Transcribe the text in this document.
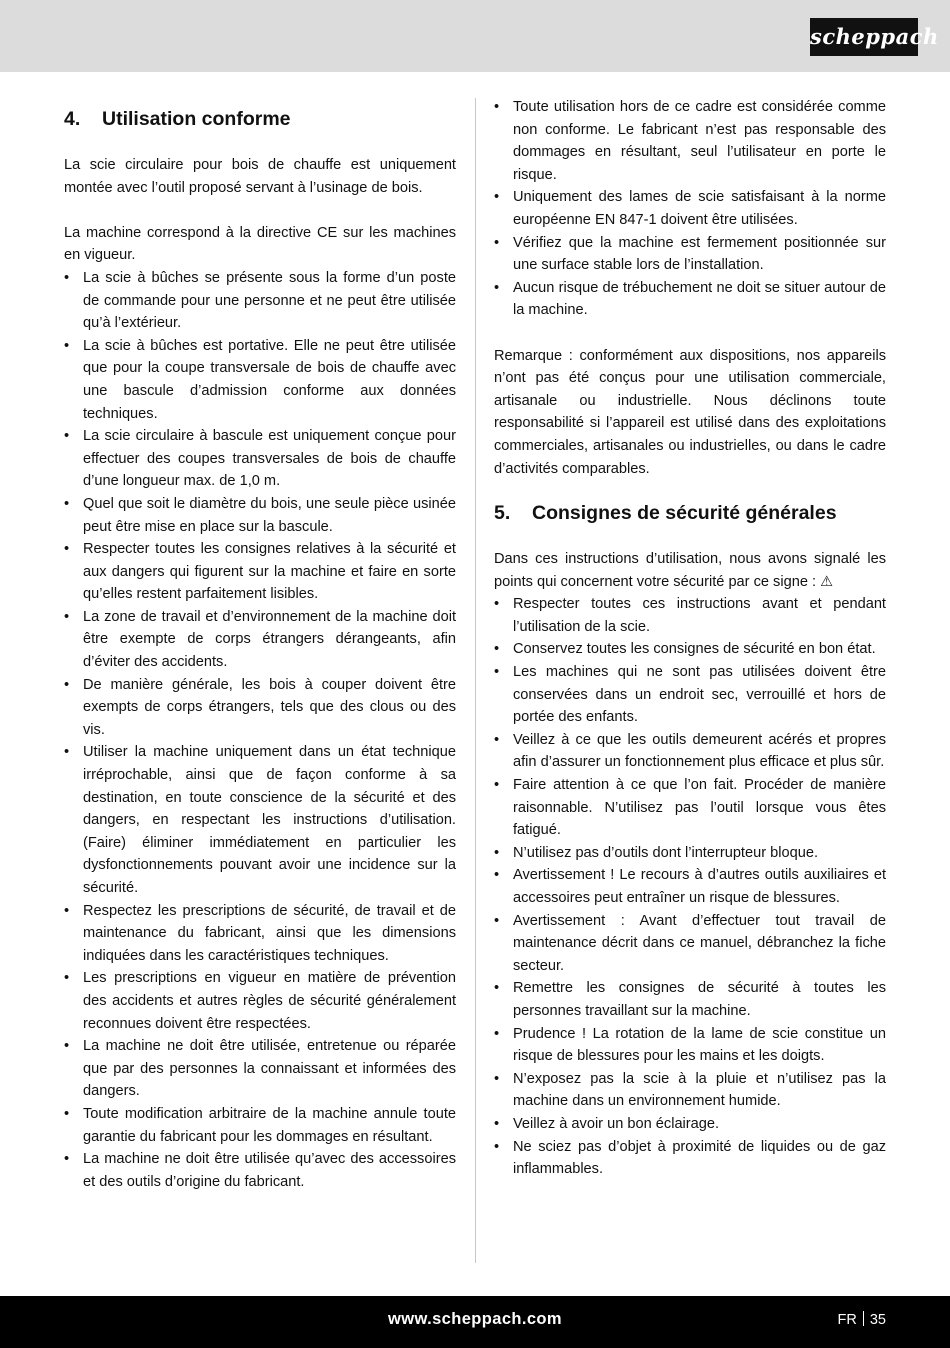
scheppach
4. Utilisation conforme

La scie circulaire pour bois de chauffe est uniquement montée avec l’outil proposé servant à l’usinage de bois.

La machine correspond à la directive CE sur les machines en vigueur.

• La scie à bûches se présente sous la forme d’un poste de commande pour une personne et ne peut être utilisée qu’à l’extérieur.
• La scie à bûches est portative. Elle ne peut être utilisée que pour la coupe transversale de bois de chauffe avec une bascule d’admission conforme aux données techniques.
• La scie circulaire à bascule est uniquement conçue pour effectuer des coupes transversales de bois de chauffe d’une longueur max. de 1,0 m.
• Quel que soit le diamètre du bois, une seule pièce usinée peut être mise en place sur la bascule.
• Respecter toutes les consignes relatives à la sécurité et aux dangers qui figurent sur la machine et faire en sorte qu’elles restent parfaitement lisibles.
• La zone de travail et d’environnement de la machine doit être exempte de corps étrangers dérangeants, afin d’éviter des accidents.
• De manière générale, les bois à couper doivent être exempts de corps étrangers, tels que des clous ou des vis.
• Utiliser la machine uniquement dans un état technique irréprochable, ainsi que de façon conforme à sa destination, en toute conscience de la sécurité et des dangers, en respectant les instructions d’utilisation. (Faire) éliminer immédiatement en particulier les dysfonctionnements pouvant avoir une incidence sur la sécurité.
• Respectez les prescriptions de sécurité, de travail et de maintenance du fabricant, ainsi que les dimensions indiquées dans les caractéristiques techniques.
• Les prescriptions en vigueur en matière de prévention des accidents et autres règles de sécurité généralement reconnues doivent être respectées.
• La machine ne doit être utilisée, entretenue ou réparée que par des personnes la connaissant et informées des dangers.
• Toute modification arbitraire de la machine annule toute garantie du fabricant pour les dommages en résultant.
• La machine ne doit être utilisée qu’avec des accessoires et des outils d’origine du fabricant.
• Toute utilisation hors de ce cadre est considérée comme non conforme. Le fabricant n’est pas responsable des dommages en résultant, seul l’utilisateur en porte le risque.
• Uniquement des lames de scie satisfaisant à la norme européenne EN 847-1 doivent être utilisées.
• Vérifiez que la machine est fermement positionnée sur une surface stable lors de l’installation.
• Aucun risque de trébuchement ne doit se situer autour de la machine.

Remarque : conformément aux dispositions, nos appareils n’ont pas été conçus pour une utilisation commerciale, artisanale ou industrielle. Nous déclinons toute responsabilité si l’appareil est utilisé dans des exploitations commerciales, artisanales ou industrielles, ou dans le cadre d’activités comparables.

5. Consignes de sécurité générales

Dans ces instructions d’utilisation, nous avons signalé les points qui concernent votre sécurité par ce signe : ⚠

• Respecter toutes ces instructions avant et pendant l’utilisation de la scie.
• Conservez toutes les consignes de sécurité en bon état.
• Les machines qui ne sont pas utilisées doivent être conservées dans un endroit sec, verrouillé et hors de portée des enfants.
• Veillez à ce que les outils demeurent acérés et propres afin d’assurer un fonctionnement plus efficace et plus sûr.
• Faire attention à ce que l’on fait. Procéder de manière raisonnable. N’utilisez pas l’outil lorsque vous êtes fatigué.
• N’utilisez pas d’outils dont l’interrupteur bloque.
• Avertissement ! Le recours à d’autres outils auxiliaires et accessoires peut entraîner un risque de blessures.
• Avertissement : Avant d’effectuer tout travail de maintenance décrit dans ce manuel, débranchez la fiche secteur.
• Remettre les consignes de sécurité à toutes les personnes travaillant sur la machine.
• Prudence ! La rotation de la lame de scie constitue un risque de blessures pour les mains et les doigts.
• N’exposez pas la scie à la pluie et n’utilisez pas la machine dans un environnement humide.
• Veillez à avoir un bon éclairage.
• Ne sciez pas d’objet à proximité de liquides ou de gaz inflammables.
www.scheppach.com	FR 35
